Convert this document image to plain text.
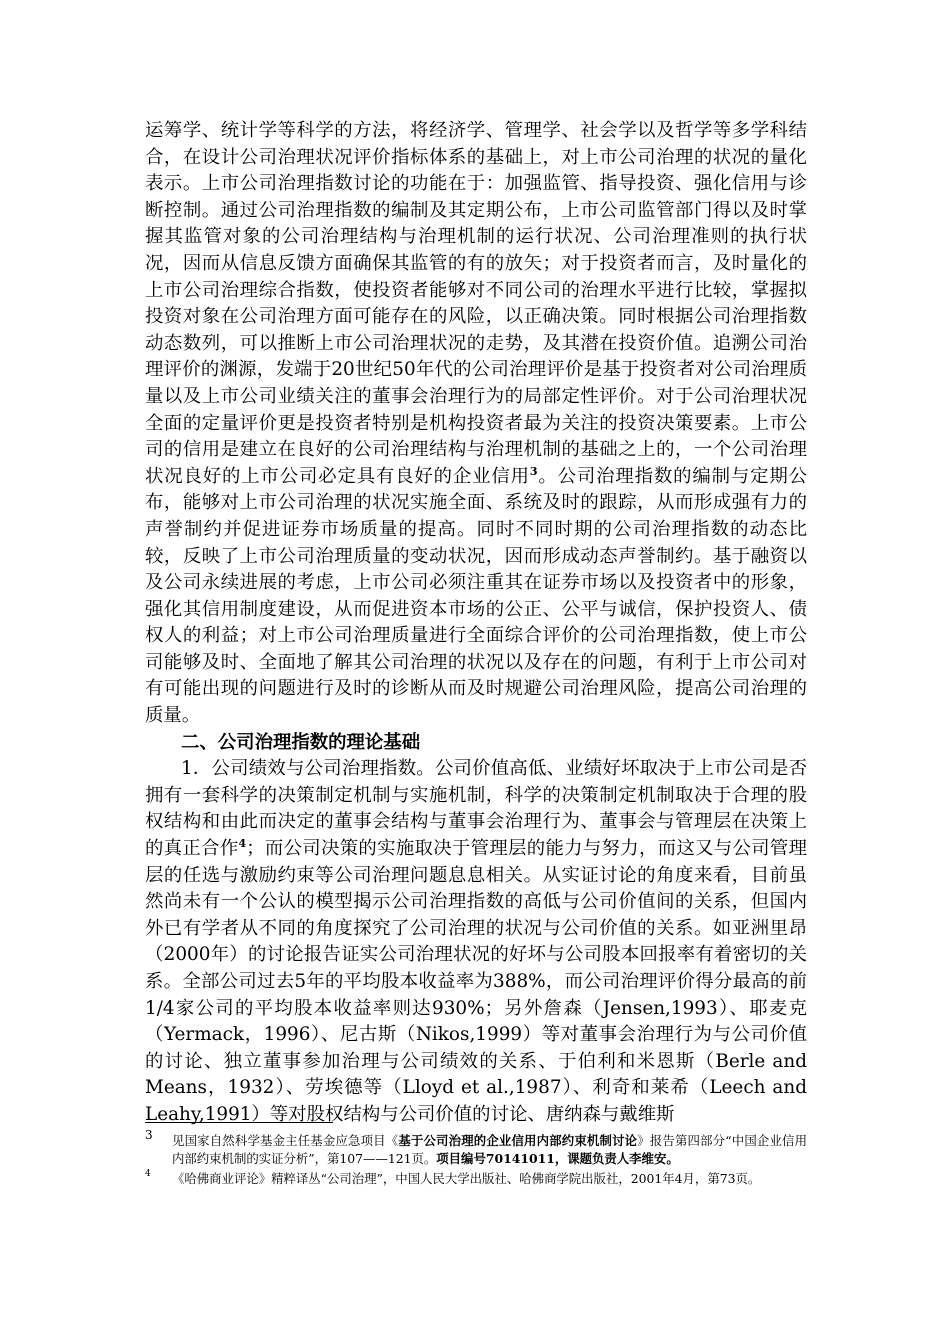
运筹学、统计学等科学的方法，将经济学、管理学、社会学以及哲学等多学科结合，在设计公司治理状况评价指标体系的基础上，对上市公司治理的状况的量化表示。上市公司治理指数讨论的功能在于：加强监管、指导投资、强化信用与诊断控制。通过公司治理指数的编制及其定期公布，上市公司监管部门得以及时掌握其监管对象的公司治理结构与治理机制的运行状况、公司治理准则的执行状况，因而从信息反馈方面确保其监管的有的放矢；对于投资者而言，及时量化的上市公司治理综合指数，使投资者能够对不同公司的治理水平进行比较，掌握拟投资对象在公司治理方面可能存在的风险，以正确决策。同时根据公司治理指数动态数列，可以推断上市公司治理状况的走势，及其潜在投资价值。追溯公司治理评价的渊源，发端于20世纪50年代的公司治理评价是基于投资者对公司治理质量以及上市公司业绩关注的董事会治理行为的局部定性评价。对于公司治理状况全面的定量评价更是投资者特别是机构投资者最为关注的投资决策要素。上市公司的信用是建立在良好的公司治理结构与治理机制的基础之上的，一个公司治理状况良好的上市公司必定具有良好的企业信用$^3$。公司治理指数的编制与定期公布，能够对上市公司治理的状况实施全面、系统及时的跟踪，从而形成强有力的声誉制约并促进证券市场质量的提高。同时不同时期的公司治理指数的动态比较，反映了上市公司治理质量的变动状况，因而形成动态声誉制约。基于融资以及公司永续进展的考虑，上市公司必须注重其在证券市场以及投资者中的形象，强化其信用制度建设，从而促进资本市场的公正、公平与诚信，保护投资人、债权人的利益；对上市公司治理质量进行全面综合评价的公司治理指数，使上市公司能够及时、全面地了解其公司治理的状况以及存在的问题，有利于上市公司对有可能出现的问题进行及时的诊断从而及时规避公司治理风险，提高公司治理的质量。

二、公司治理指数的理论基础

1．公司绩效与公司治理指数。公司价值高低、业绩好坏取决于上市公司是否拥有一套科学的决策制定机制与实施机制，科学的决策制定机制取决于合理的股权结构和由此而决定的董事会结构与董事会治理行为、董事会与管理层在决策上的真正合作$^4$；而公司决策的实施取决于管理层的能力与努力，而这又与公司管理层的任选与激励约束等公司治理问题息息相关。从实证讨论的角度来看，目前虽然尚未有一个公认的模型揭示公司治理指数的高低与公司价值间的关系，但国内外已有学者从不同的角度探究了公司治理的状况与公司价值的关系。如亚洲里昂（2000年）的讨论报告证实公司治理状况的好坏与公司股本回报率有着密切的关系。全部公司过去5年的平均股本收益率为388%，而公司治理评价得分最高的前1/4家公司的平均股本收益率则达930%；另外詹森（Jensen,1993）、耶麦克（Yermack，1996）、尼古斯（Nikos,1999）等对董事会治理行为与公司价值的讨论、独立董事参加治理与公司绩效的关系、于伯利和米恩斯（Berle and Means，1932）、劳埃德等（Lloyd et al.,1987）、利奇和莱希（Leech and Leahy,1991）等对股权结构与公司价值的讨论、唐纳森与戴维斯

3 见国家自然科学基金主任基金应急项目《基于公司治理的企业信用内部约束机制讨论》报告第四部分“中国企业信用内部约束机制的实证分析”，第107——121页。项目编号70141011，课题负责人李维安。
4 《哈佛商业评论》精粹译丛“公司治理”，中国人民大学出版社、哈佛商学院出版社，2001年4月，第73页。
